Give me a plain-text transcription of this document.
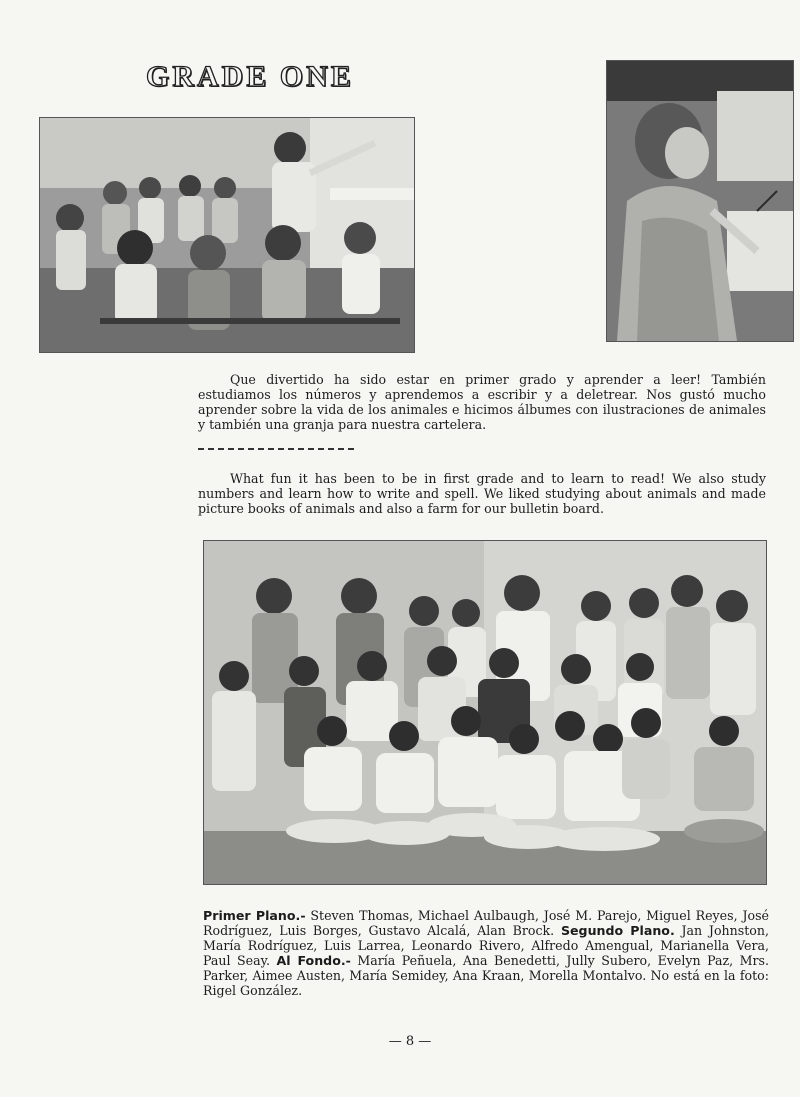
GRADE ONE

Que divertido ha sido estar en primer grado y aprender a leer! También estudiamos los números y aprendemos a escribir y a deletrear. Nos gustó mucho aprender sobre la vida de los animales e hicimos álbumes con ilustraciones de animales y también una granja para nuestra cartelera.

What fun it has been to be in first grade and to learn to read! We also study numbers and learn how to write and spell. We liked studying about animals and made picture books of animals and also a farm for our bulletin board.

Primer Plano.- Steven Thomas, Michael Aulbaugh, José M. Parejo, Miguel Reyes, José Rodríguez, Luis Borges, Gustavo Alcalá, Alan Brock. Segundo Plano. Jan Johnston, María Rodríguez, Luis Larrea, Leonardo Rivero, Alfredo Amengual, Marianella Vera, Paul Seay. Al Fondo.- María Peñuela, Ana Benedetti, Jully Subero, Evelyn Paz, Mrs. Parker, Aimee Austen, María Semidey, Ana Kraan, Morella Montalvo. No está en la foto: Rigel González.

— 8 —
